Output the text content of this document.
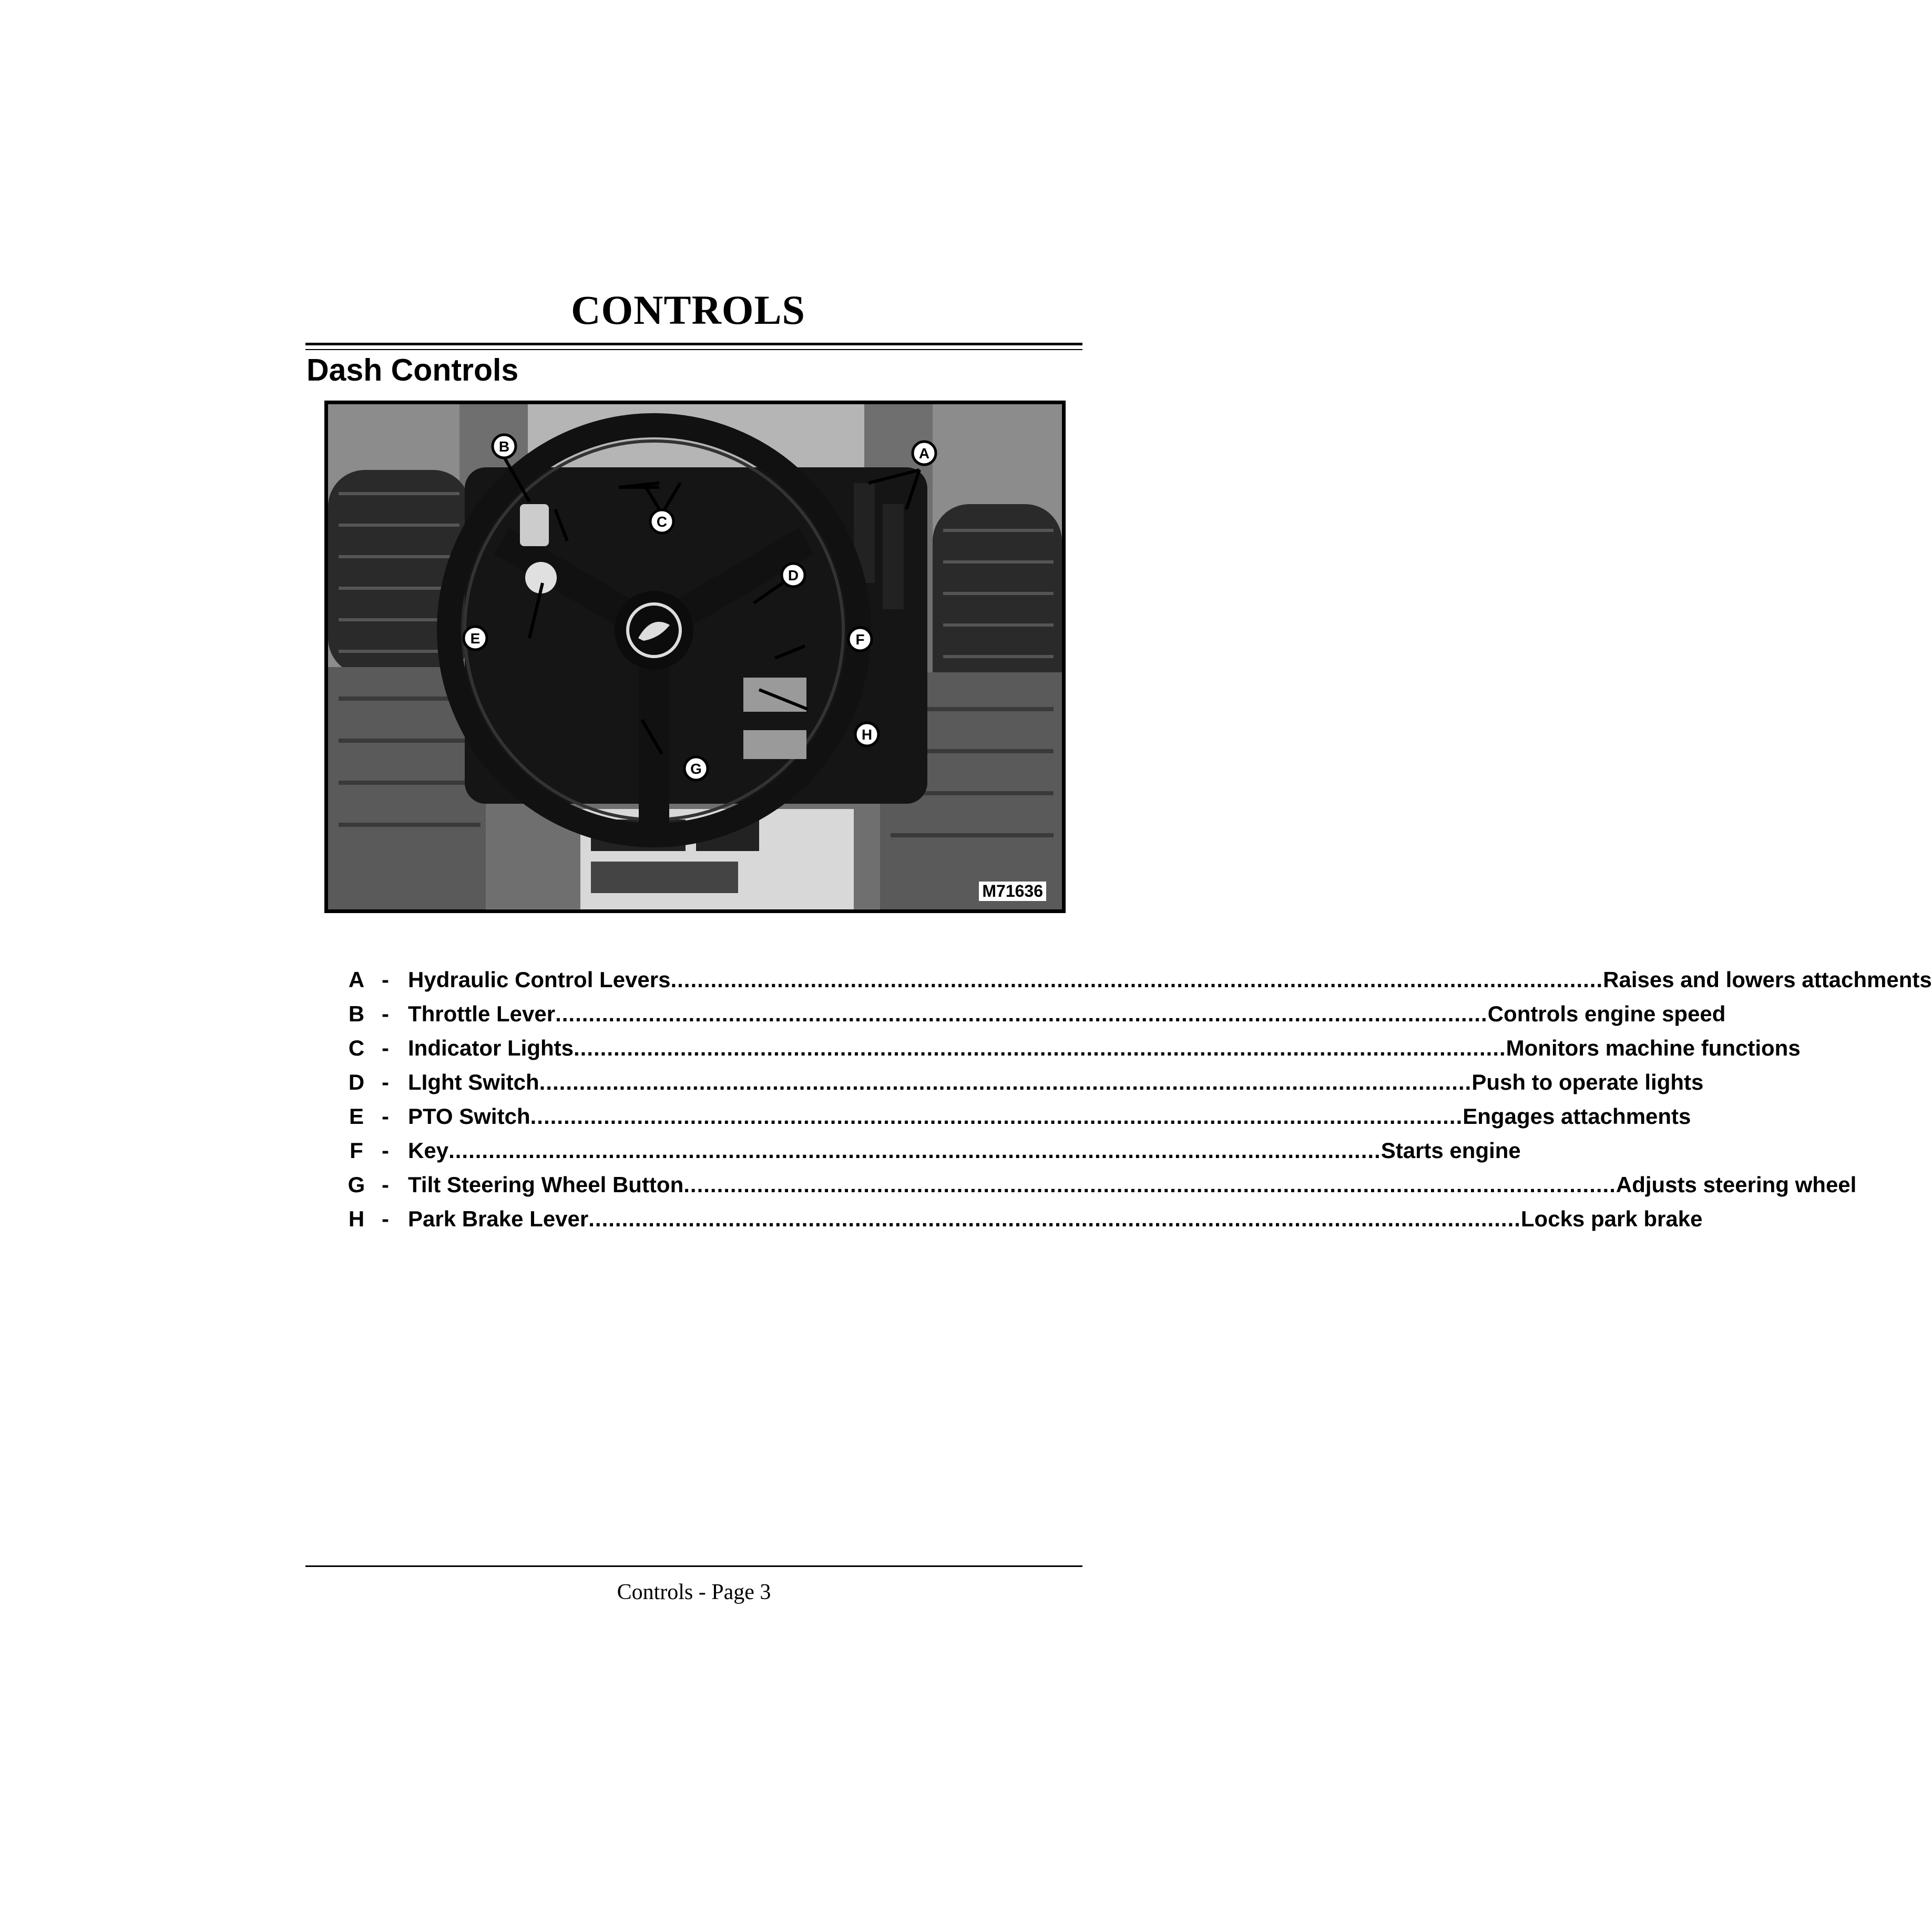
CONTROLS
Dash Controls
B	A
C
D
E	F
H
G
M71636
A - Hydraulic Control Levers ............................................................................................................................................ Raises and lowers attachments
B - Throttle Lever ............................................................................................................................................ Controls engine speed
C - Indicator Lights ............................................................................................................................................ Monitors machine functions
D - LIght Switch ............................................................................................................................................ Push to operate lights
E - PTO Switch ............................................................................................................................................ Engages attachments
F - Key ............................................................................................................................................ Starts engine
G - Tilt Steering Wheel Button ............................................................................................................................................ Adjusts steering wheel
H - Park Brake Lever ............................................................................................................................................ Locks park brake
Controls - Page 3
